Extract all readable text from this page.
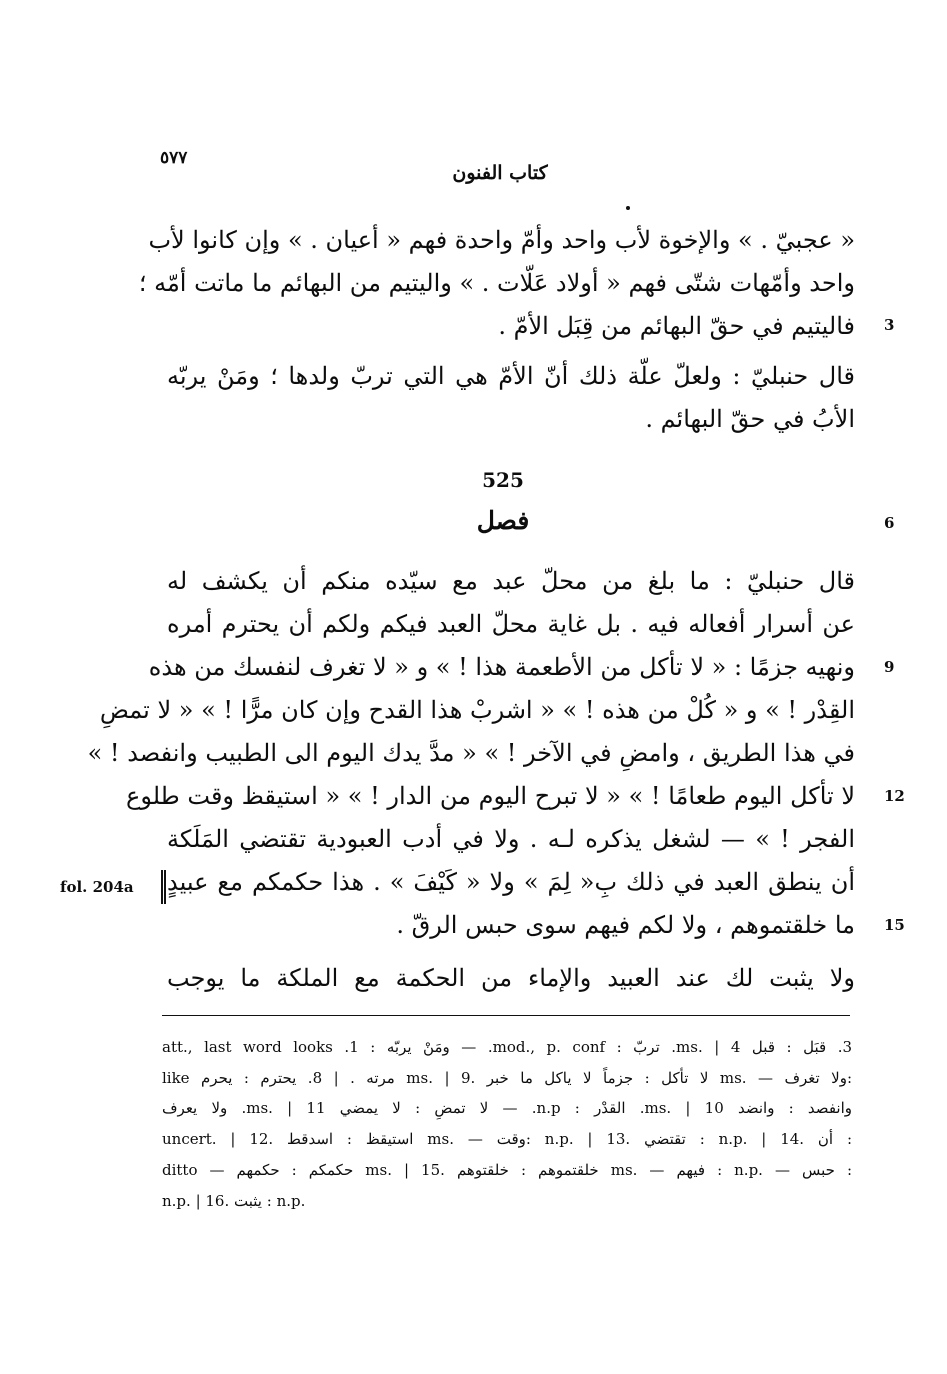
٥٧٧
كتاب الفنون
« عجبيّ . » والإخوة لأب واحد وأمّ واحدة فهم « أعيان . » وإن كانوا لأب
واحد وأمّهات شتّى فهم « أولاد عَلّات . » واليتيم من البهائم ما ماتت أمّه ؛
فاليتيم في حقّ البهائم من قِبَل الأمّ .
قال حنبليّ : ولعلّ علّة ذلك أنّ الأمّ هي التي تربّ ولدها ؛ ومَنْ يربّه
الأبُ في حقّ البهائم .
3
525
فصل	6
قال حنبليّ : ما بلغ من محلّ عبد مع سيّده منكم أن يكشف له
عن أسرار أفعاله فيه . بل غاية محلّ العبد فيكم ولكم أن يحترم أمره
ونهيه جزمًا : « لا تأكل من الأطعمة هذا ! » و « لا تغرف لنفسك من هذه
القِدْر ! » و « كُلْ من هذه ! » « اشربْ هذا القدح وإن كان مرًّا ! » « لا تمضِ
في هذا الطريق ، وامضِ في الآخر ! » « مدَّ يدك اليوم الى الطبيب وانفصد ! »
لا تأكل اليوم طعامًا ! » « لا تبرح اليوم من الدار ! » « استيقظ وقت طلوع
الفجر ! » — لشغل يذكره لـه . ولا في أدب العبودية تقتضي المَلَكة
أن ينطق العبد في ذلك بِ« لِمَ » ولا « كَيْفَ » . هذا حكمكم مع عبيدٍ
ما خلقتموهم ، ولا لكم فيهم سوى حبس الرقّ .
ولا يثبت لك عند العبيد والإماء من الحكمة مع الملكة ما يوجب
9
12
15
fol. 204a
3. قبَل : قبل ms. | 4. تربّ : mod., p. conf. — ومَنْ يربّه : 1. att., last word looks
like مرته . | 8. يحترم : يحرم ms. | 9. لا تأكل : جزماً لا ياكل ما خبر ms. — ولا تغرف:
وانفصد : وانضد ms. | 10. القدْر : n.p. — لا تمضِ : لا يمضي ms. | 11. ولا يعرف
uncert. | 12. استيقظ : اسدقط ms. — وقت: n.p. | 13. تقتضي : n.p. | 14. أن :
ditto — حكمكم : حكمهم ms. | 15. خلقتموهم : خلقتوهم ms. — فيهم : n.p. — حبس :
n.p. | 16. يثبت : n.p.
